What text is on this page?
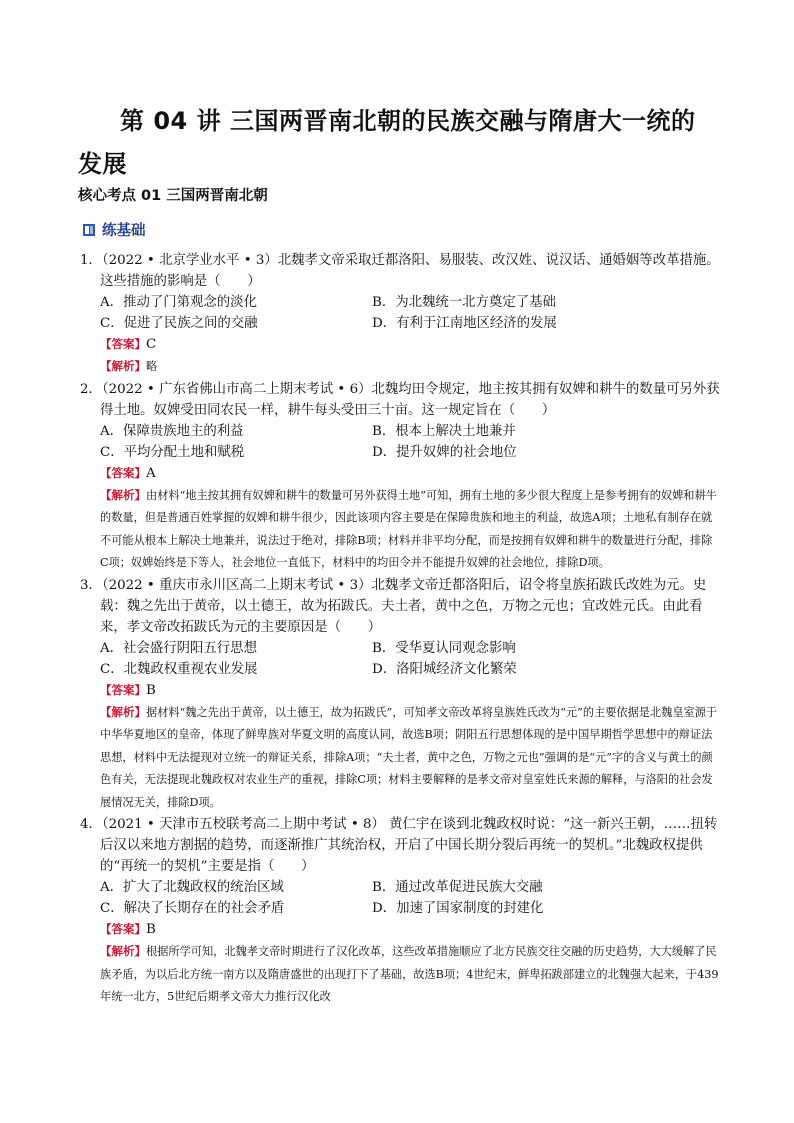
第 04 讲 三国两晋南北朝的民族交融与隋唐大一统的发展
核心考点 01 三国两晋南北朝
练基础
1．（2022 • 北京学业水平 • 3）北魏孝文帝采取迁都洛阳、易服装、改汉姓、说汉话、通婚姻等改革措施。这些措施的影响是（　　）
A．推动了门第观念的淡化	B．为北魏统一北方奠定了基础
C．促进了民族之间的交融	D．有利于江南地区经济的发展
【答案】C
【解析】略
2．（2022 • 广东省佛山市高二上期末考试 • 6）北魏均田令规定，地主按其拥有奴婢和耕牛的数量可另外获得土地。奴婢受田同农民一样，耕牛每头受田三十亩。这一规定旨在（　　）
A．保障贵族地主的利益	B．根本上解决土地兼并
C．平均分配土地和赋税	D．提升奴婢的社会地位
【答案】A
【解析】由材料“地主按其拥有奴婢和耕牛的数量可另外获得土地”可知，拥有土地的多少很大程度上是参考拥有的奴婢和耕牛的数量，但是普通百姓掌握的奴婢和耕牛很少，因此该项内容主要是在保障贵族和地主的利益，故选A项；土地私有制存在就不可能从根本上解决土地兼并，说法过于绝对，排除B项；材料并非平均分配，而是按拥有奴婢和耕牛的数量进行分配，排除C项；奴婢始终是下等人，社会地位一直低下，材料中的均田令并不能提升奴婢的社会地位，排除D项。
3．（2022 • 重庆市永川区高二上期末考试 • 3）北魏孝文帝迁都洛阳后，诏令将皇族拓跋氏改姓为元。史载：魏之先出于黄帝，以土德王，故为拓跋氏。夫土者，黄中之色，万物之元也；宜改姓元氏。由此看来，孝文帝改拓跋氏为元的主要原因是（　　）
A．社会盛行阴阳五行思想	B．受华夏认同观念影响
C．北魏政权重视农业发展	D．洛阳城经济文化繁荣
【答案】B
【解析】据材料“魏之先出于黄帝，以土德王，故为拓跋氏”，可知孝文帝改革将皇族姓氏改为“元”的主要依据是北魏皇室源于中华华夏地区的皇帝，体现了鲜卑族对华夏文明的高度认同，故选B项；阴阳五行思想体现的是中国早期哲学思想中的辩证法思想，材料中无法提现对立统一的辩证关系，排除A项；“夫土者，黄中之色，万物之元也”强调的是“元”字的含义与黄土的颜色有关，无法提现北魏政权对农业生产的重视，排除C项；材料主要解释的是孝文帝对皇室姓氏来源的解释，与洛阳的社会发展情况无关，排除D项。
4．（2021 • 天津市五校联考高二上期中考试 • 8） 黄仁宇在谈到北魏政权时说：“这一新兴王朝，……扭转后汉以来地方割据的趋势，而逐渐推广其统治权，开启了中国长期分裂后再统一的契机。”北魏政权提供的“再统一的契机”主要是指（　　）
A．扩大了北魏政权的统治区域	B．通过改革促进民族大交融
C．解决了长期存在的社会矛盾	D．加速了国家制度的封建化
【答案】B
【解析】根据所学可知，北魏孝文帝时期进行了汉化改革，这些改革措施顺应了北方民族交往交融的历史趋势，大大缓解了民族矛盾，为以后北方统一南方以及隋唐盛世的出现打下了基础，故选B项；4世纪末，鲜卑拓跋部建立的北魏强大起来，于439年统一北方，5世纪后期孝文帝大力推行汉化改
